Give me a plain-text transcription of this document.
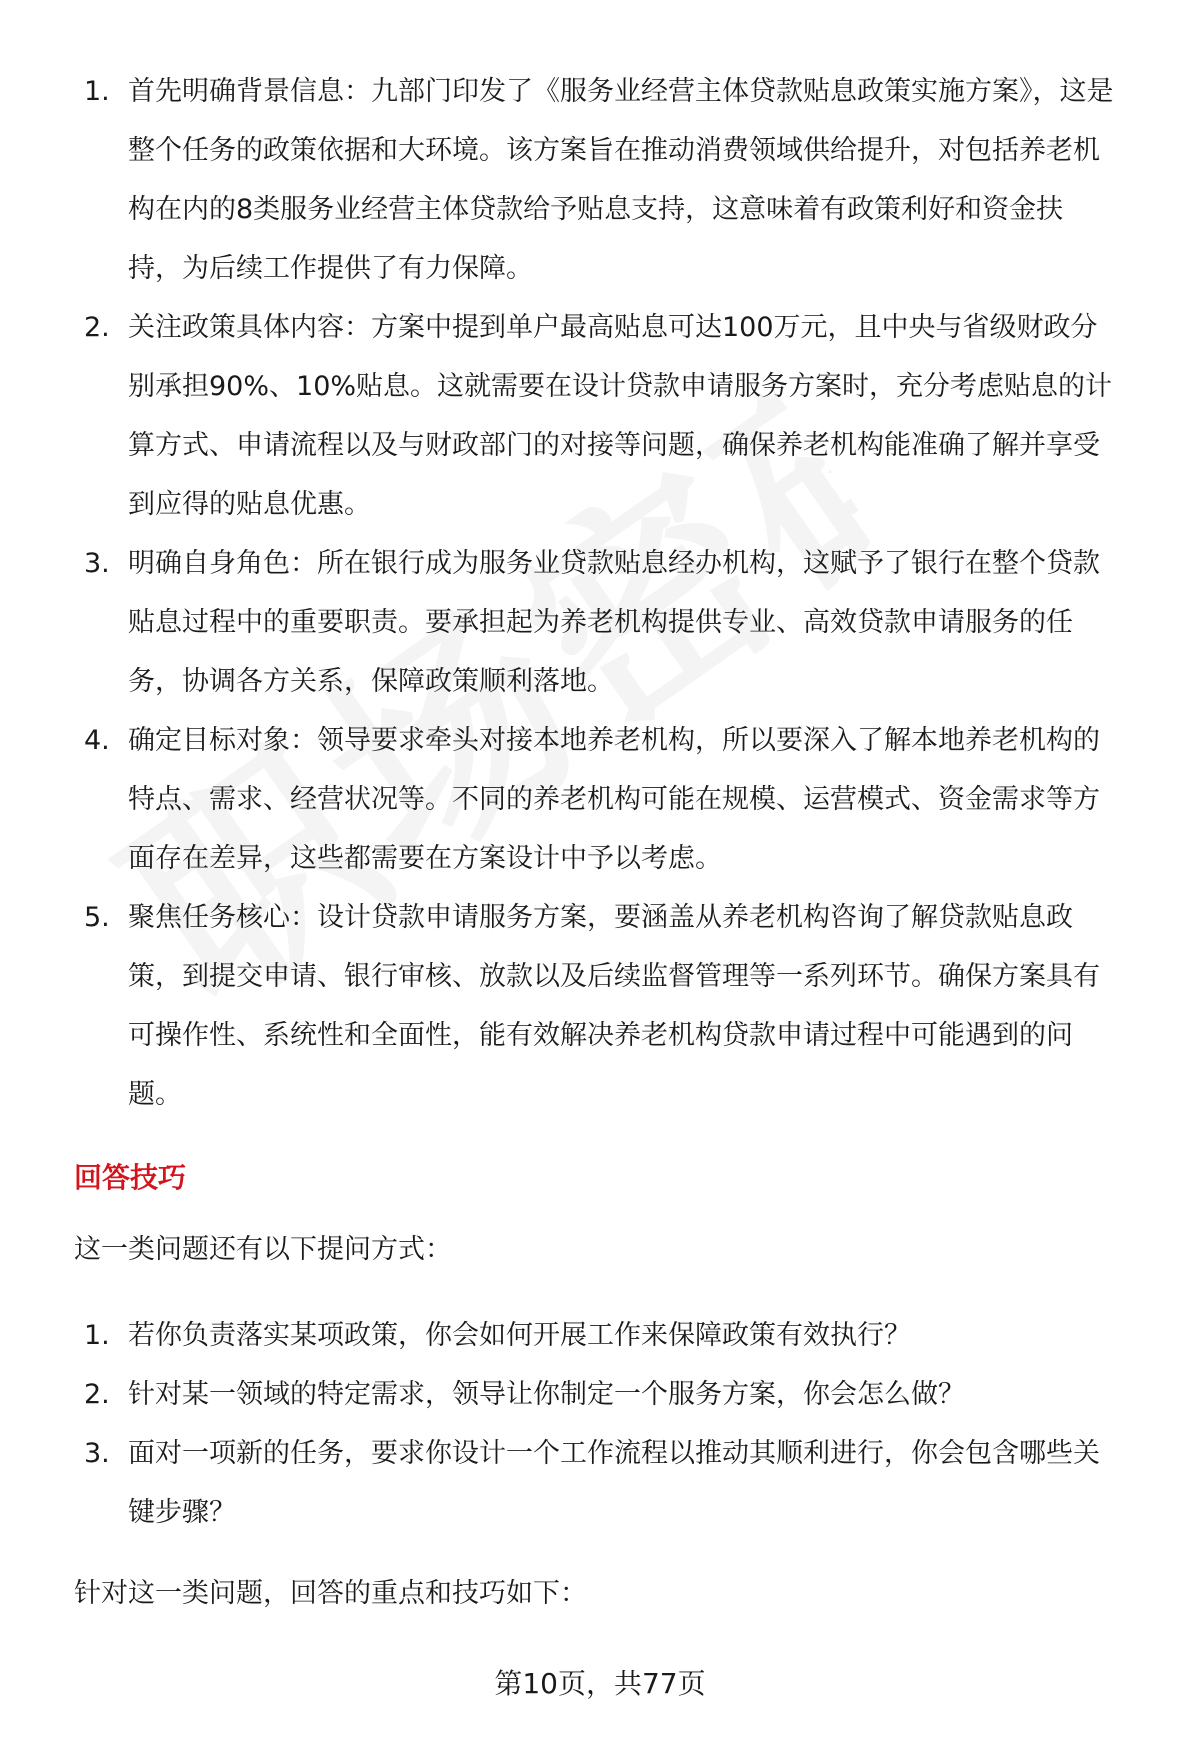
1. 首先明确背景信息：九部门印发了《服务业经营主体贷款贴息政策实施方案》，这是整个任务的政策依据和大环境。该方案旨在推动消费领域供给提升，对包括养老机构在内的8类服务业经营主体贷款给予贴息支持，这意味着有政策利好和资金扶持，为后续工作提供了有力保障。
2. 关注政策具体内容：方案中提到单户最高贴息可达100万元，且中央与省级财政分别承担90%、10%贴息。这就需要在设计贷款申请服务方案时，充分考虑贴息的计算方式、申请流程以及与财政部门的对接等问题，确保养老机构能准确了解并享受到应得的贴息优惠。
3. 明确自身角色：所在银行成为服务业贷款贴息经办机构，这赋予了银行在整个贷款贴息过程中的重要职责。要承担起为养老机构提供专业、高效贷款申请服务的任务，协调各方关系，保障政策顺利落地。
4. 确定目标对象：领导要求牵头对接本地养老机构，所以要深入了解本地养老机构的特点、需求、经营状况等。不同的养老机构可能在规模、运营模式、资金需求等方面存在差异，这些都需要在方案设计中予以考虑。
5. 聚焦任务核心：设计贷款申请服务方案，要涵盖从养老机构咨询了解贷款贴息政策，到提交申请、银行审核、放款以及后续监督管理等一系列环节。确保方案具有可操作性、系统性和全面性，能有效解决养老机构贷款申请过程中可能遇到的问题。
回答技巧
这一类问题还有以下提问方式：
1. 若你负责落实某项政策，你会如何开展工作来保障政策有效执行？
2. 针对某一领域的特定需求，领导让你制定一个服务方案，你会怎么做？
3. 面对一项新的任务，要求你设计一个工作流程以推动其顺利进行，你会包含哪些关键步骤？
针对这一类问题，回答的重点和技巧如下：
第10页，共77页
